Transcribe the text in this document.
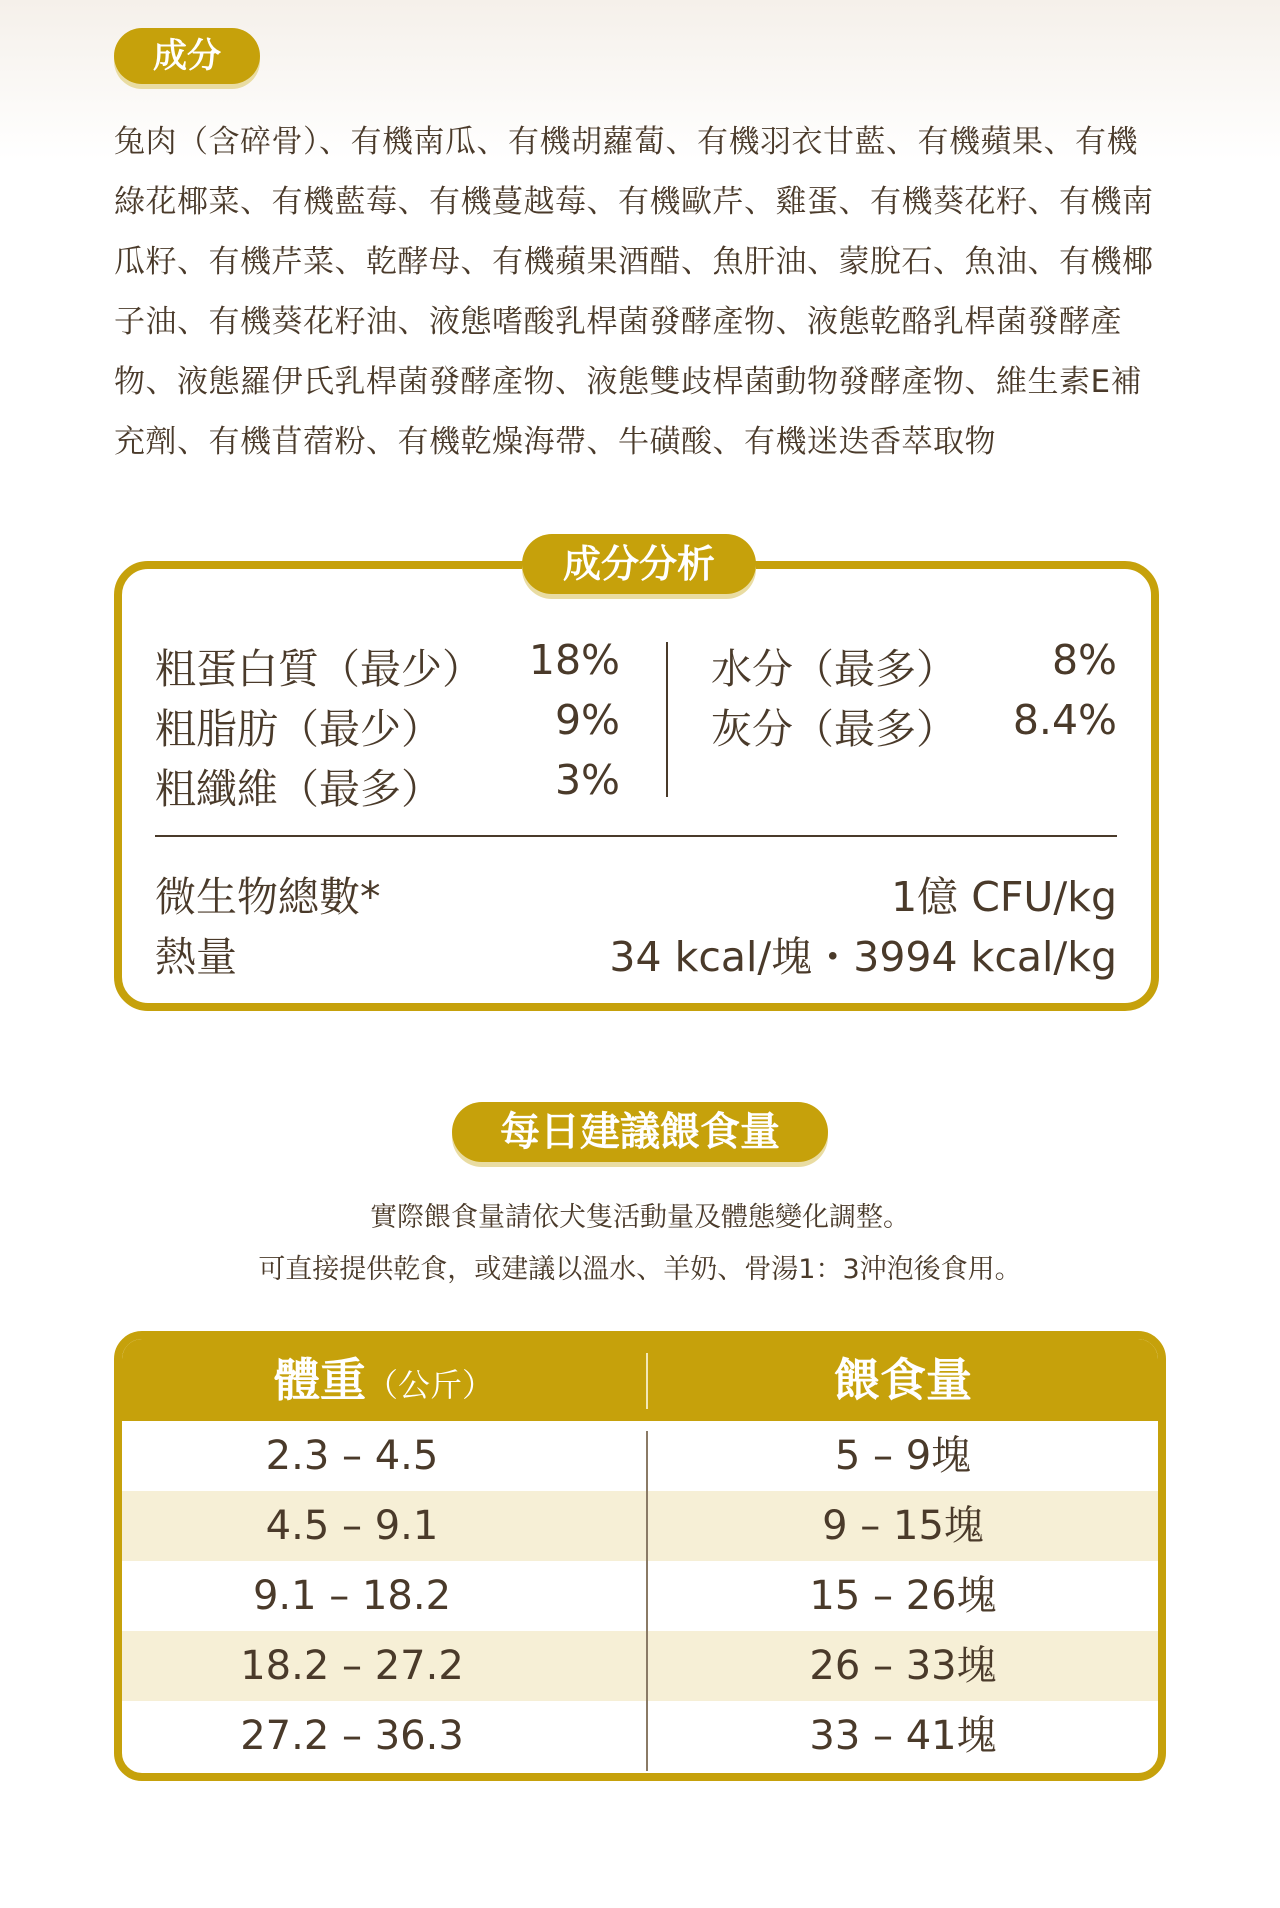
成分
兔肉（含碎骨）、有機南瓜、有機胡蘿蔔、有機羽衣甘藍、有機蘋果、有機綠花椰菜、有機藍莓、有機蔓越莓、有機歐芹、雞蛋、有機葵花籽、有機南瓜籽、有機芹菜、乾酵母、有機蘋果酒醋、魚肝油、蒙脫石、魚油、有機椰子油、有機葵花籽油、液態嗜酸乳桿菌發酵產物、液態乾酪乳桿菌發酵產物、液態羅伊氏乳桿菌發酵產物、液態雙歧桿菌動物發酵產物、維生素E補充劑、有機苜蓿粉、有機乾燥海帶、牛磺酸、有機迷迭香萃取物
成分分析
粗蛋白質（最少） 18%
粗脂肪（最少）	9%
粗纖維（最多）	3%
水分（最多） 8%
灰分（最多） 8.4%
微生物總數*	1億 CFU/kg
熱量	34 kcal/塊・3994 kcal/kg
每日建議餵食量
實際餵食量請依犬隻活動量及體態變化調整。
可直接提供乾食，或建議以溫水、羊奶、骨湯1：3沖泡後食用。
體重（公斤）	餵食量
2.3 – 4.5	5 – 9塊
4.5 – 9.1	9 – 15塊
9.1 – 18.2	15 – 26塊
18.2 – 27.2	26 – 33塊
27.2 – 36.3	33 – 41塊
